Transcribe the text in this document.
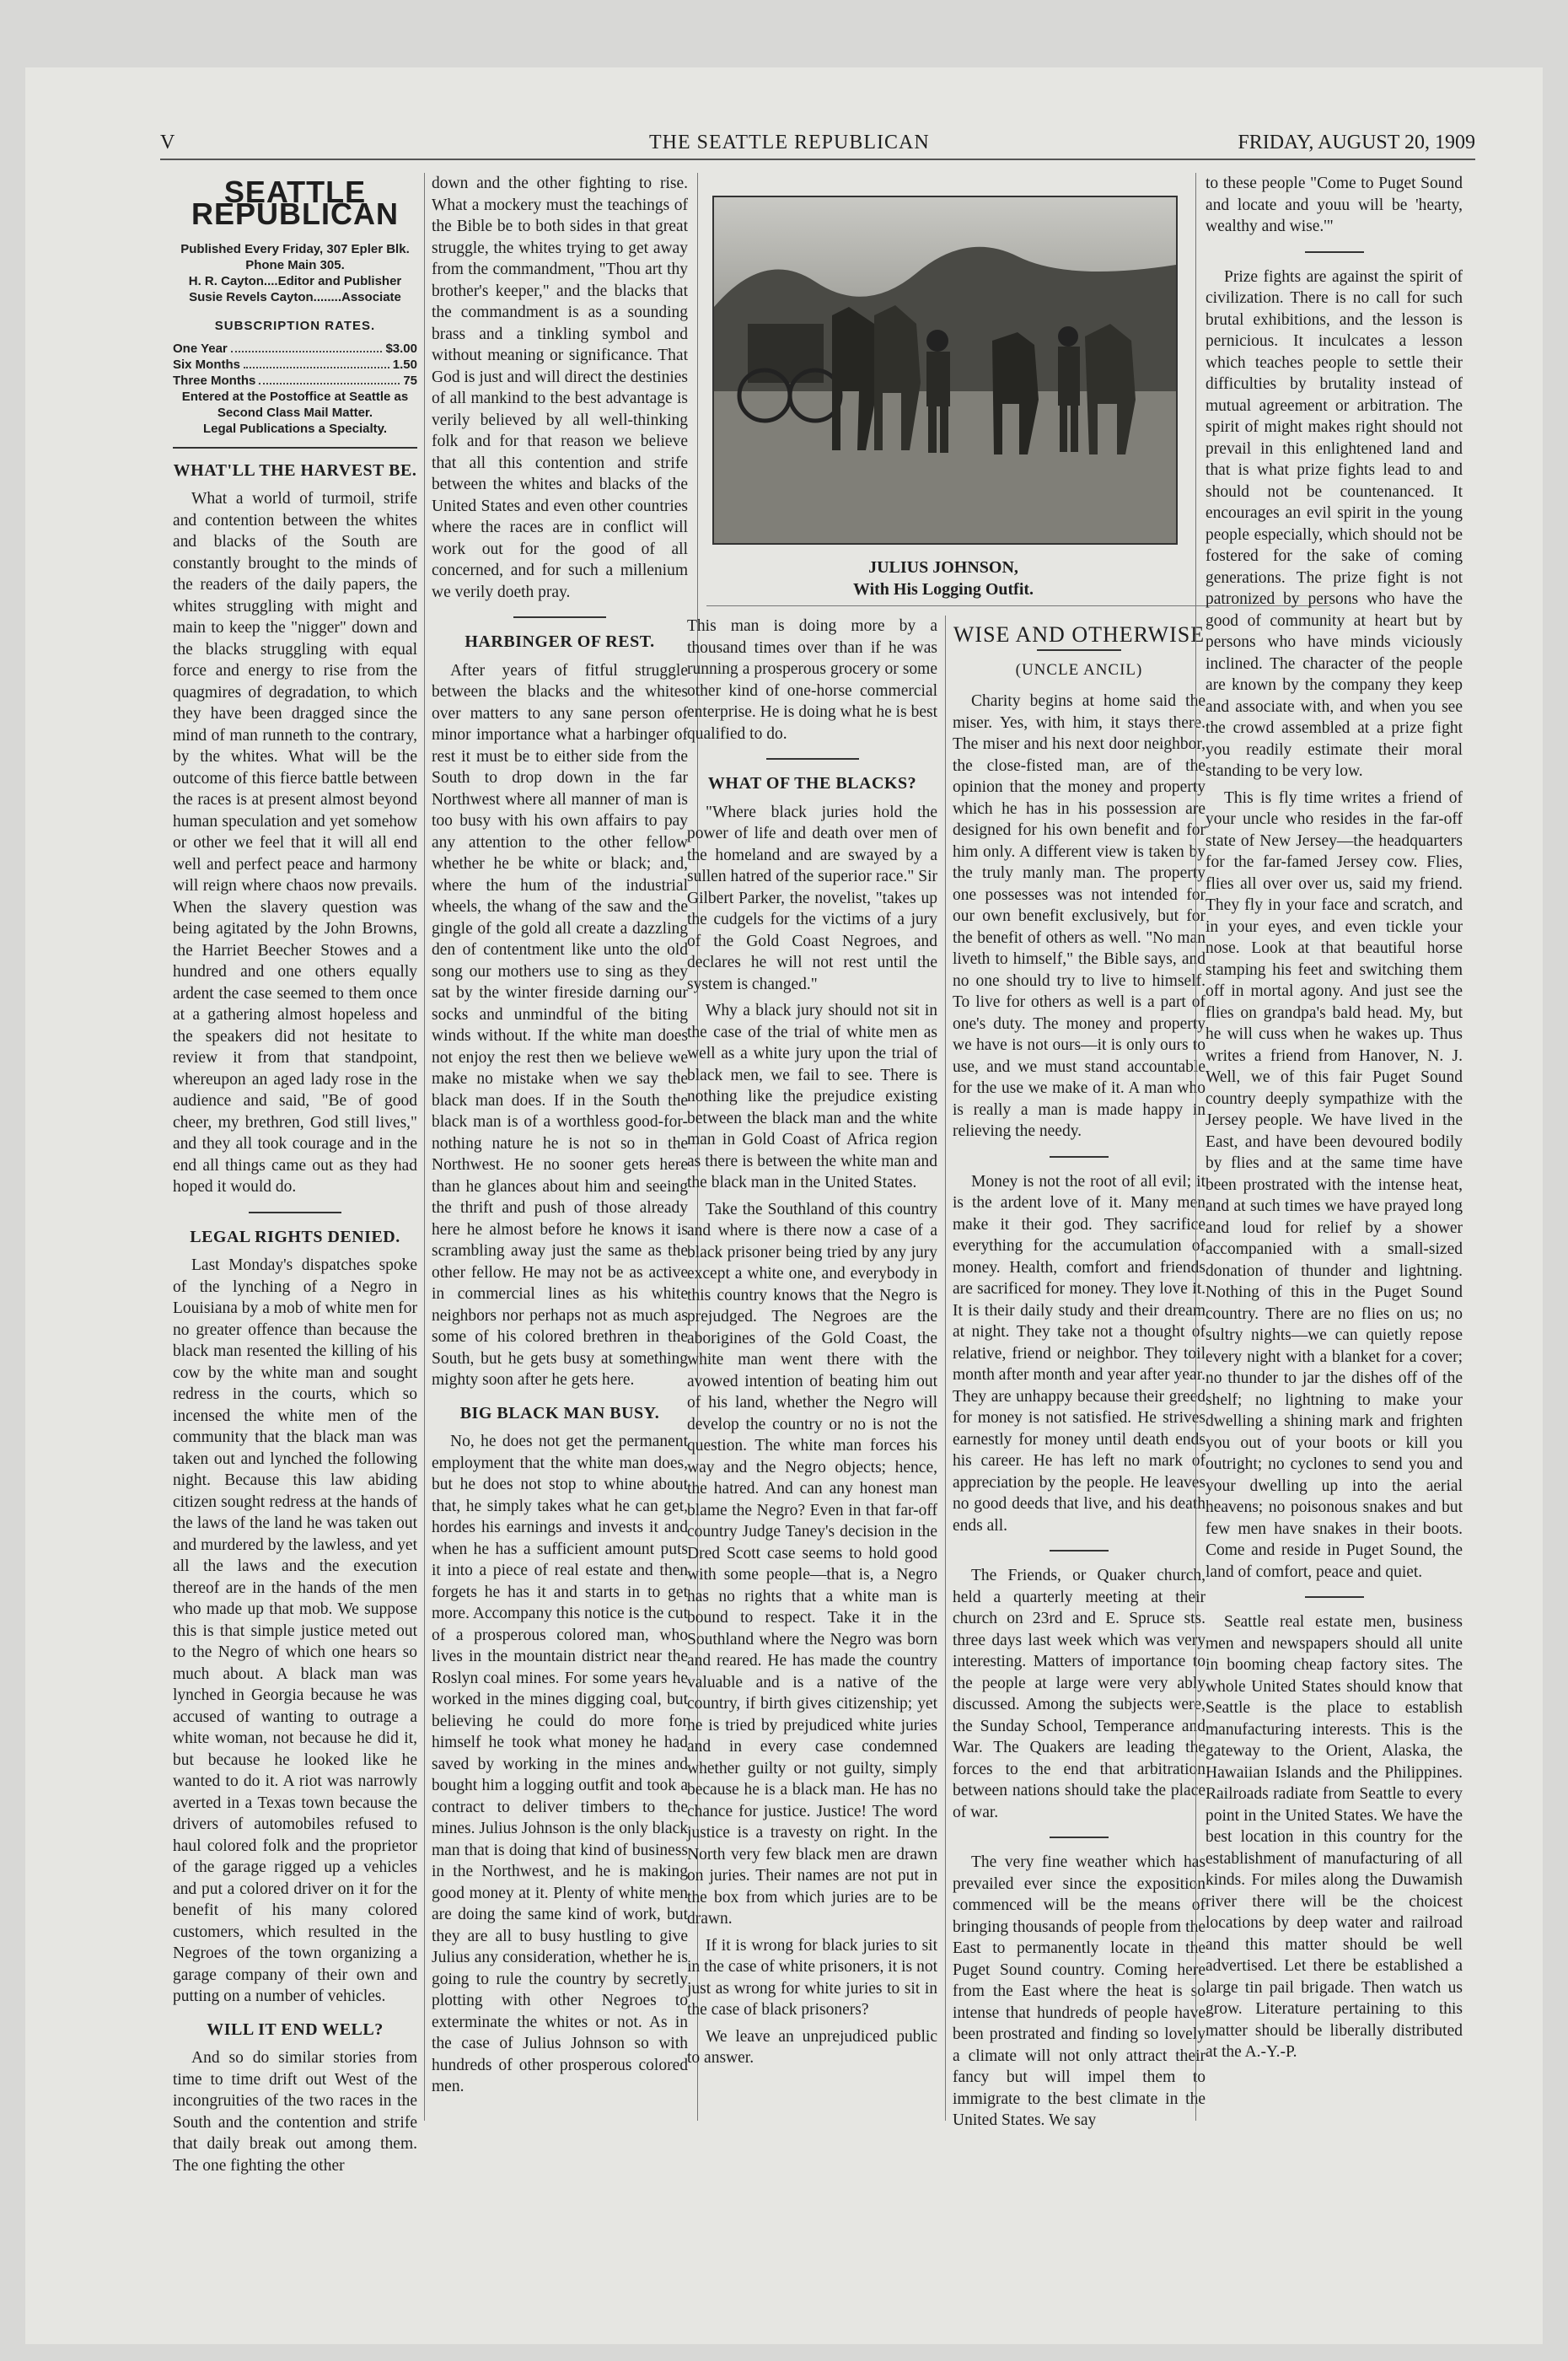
V	THE SEATTLE REPUBLICAN	FRIDAY, AUGUST 20, 1909
SEATTLE REPUBLICAN
Published Every Friday, 307 Epler Blk.
Phone Main 305.
H. R. Cayton....Editor and Publisher
Susie Revels Cayton........Associate
SUBSCRIPTION RATES.
One Year	$3.00
Six Months	1.50
Three Months	75
Entered at the Postoffice at Seattle as
Second Class Mail Matter.
Legal Publications a Specialty.
WHAT'LL THE HARVEST BE.

What a world of turmoil, strife and contention between the whites and blacks of the South are constantly brought to the minds of the readers of the daily papers, the whites struggling with might and main to keep the "nigger" down and the blacks struggling with equal force and energy to rise from the quagmires of degradation, to which they have been dragged since the mind of man runneth to the contrary, by the whites. What will be the outcome of this fierce battle between the races is at present almost beyond human speculation and yet somehow or other we feel that it will all end well and perfect peace and harmony will reign where chaos now prevails. When the slavery question was being agitated by the John Browns, the Harriet Beecher Stowes and a hundred and one others equally ardent the case seemed to them once at a gathering almost hopeless and the speakers did not hesitate to review it from that standpoint, whereupon an aged lady rose in the audience and said, "Be of good cheer, my brethren, God still lives," and they all took courage and in the end all things came out as they had hoped it would do.

LEGAL RIGHTS DENIED.

Last Monday's dispatches spoke of the lynching of a Negro in Louisiana by a mob of white men for no greater offence than because the black man resented the killing of his cow by the white man and sought redress in the courts, which so incensed the white men of the community that the black man was taken out and lynched the following night. Because this law abiding citizen sought redress at the hands of the laws of the land he was taken out and murdered by the lawless, and yet all the laws and the execution thereof are in the hands of the men who made up that mob. We suppose this is that simple justice meted out to the Negro of which one hears so much about. A black man was lynched in Georgia because he was accused of wanting to outrage a white woman, not because he did it, but because he looked like he wanted to do it. A riot was narrowly averted in a Texas town because the drivers of automobiles refused to haul colored folk and the proprietor of the garage rigged up a vehicles and put a colored driver on it for the benefit of his many colored customers, which resulted in the Negroes of the town organizing a garage company of their own and putting on a number of vehicles.

WILL IT END WELL?

And so do similar stories from time to time drift out West of the incongruities of the two races in the South and the contention and strife that daily break out among them. The one fighting the other

down and the other fighting to rise. What a mockery must the teachings of the Bible be to both sides in that great struggle, the whites trying to get away from the commandment, "Thou art thy brother's keeper," and the blacks that the commandment is as a sounding brass and a tinkling symbol and without meaning or significance. That God is just and will direct the destinies of all mankind to the best advantage is verily believed by all well-thinking folk and for that reason we believe that all this contention and strife between the whites and blacks of the United States and even other countries where the races are in conflict will work out for the good of all concerned, and for such a millenium we verily doeth pray.

HARBINGER OF REST.

After years of fitful struggle between the blacks and the whites over matters to any sane person of minor importance what a harbinger of rest it must be to either side from the South to drop down in the far Northwest where all manner of man is too busy with his own affairs to pay any attention to the other fellow whether he be white or black; and, where the hum of the industrial wheels, the whang of the saw and the gingle of the gold all create a dazzling den of contentment like unto the old song our mothers use to sing as they sat by the winter fireside darning our socks and unmindful of the biting winds without. If the white man does not enjoy the rest then we believe we make no mistake when we say the black man does. If in the South the black man is of a worthless good-for-nothing nature he is not so in the Northwest. He no sooner gets here than he glances about him and seeing the thrift and push of those already here he almost before he knows it is scrambling away just the same as the other fellow. He may not be as active in commercial lines as his white neighbors nor perhaps not as much as some of his colored brethren in the South, but he gets busy at something mighty soon after he gets here.

BIG BLACK MAN BUSY.

No, he does not get the permanent employment that the white man does, but he does not stop to whine about that, he simply takes what he can get, hordes his earnings and invests it and when he has a sufficient amount puts it into a piece of real estate and then forgets he has it and starts in to get more. Accompany this notice is the cut of a prosperous colored man, who lives in the mountain district near the Roslyn coal mines. For some years he worked in the mines digging coal, but believing he could do more for himself he took what money he had saved by working in the mines and bought him a logging outfit and took a contract to deliver timbers to the mines. Julius Johnson is the only black man that is doing that kind of business in the Northwest, and he is making good money at it. Plenty of white men are doing the same kind of work, but they are all to busy hustling to give Julius any consideration, whether he is going to rule the country by secretly plotting with other Negroes to exterminate the whites or not. As in the case of Julius Johnson so with hundreds of other prosperous colored men.

JULIUS JOHNSON,
With His Logging Outfit.

This man is doing more by a thousand times over than if he was running a prosperous grocery or some other kind of one-horse commercial enterprise. He is doing what he is best qualified to do.

WHAT OF THE BLACKS?

"Where black juries hold the power of life and death over men of the homeland and are swayed by a sullen hatred of the superior race." Sir Gilbert Parker, the novelist, "takes up the cudgels for the victims of a jury of the Gold Coast Negroes, and declares he will not rest until the system is changed."

Why a black jury should not sit in the case of the trial of white men as well as a white jury upon the trial of black men, we fail to see. There is nothing like the prejudice existing between the black man and the white man in Gold Coast of Africa region as there is between the white man and the black man in the United States.

Take the Southland of this country and where is there now a case of a black prisoner being tried by any jury except a white one, and everybody in this country knows that the Negro is prejudged. The Negroes are the aborigines of the Gold Coast, the white man went there with the avowed intention of beating him out of his land, whether the Negro will develop the country or no is not the question. The white man forces his way and the Negro objects; hence, the hatred. And can any honest man blame the Negro? Even in that far-off country Judge Taney's decision in the Dred Scott case seems to hold good with some people—that is, a Negro has no rights that a white man is bound to respect. Take it in the Southland where the Negro was born and reared. He has made the country valuable and is a native of the country, if birth gives citizenship; yet he is tried by prejudiced white juries and in every case condemned whether guilty or not guilty, simply because he is a black man. He has no chance for justice. Justice! The word justice is a travesty on right. In the North very few black men are drawn on juries. Their names are not put in the box from which juries are to be drawn.

If it is wrong for black juries to sit in the case of white prisoners, it is not just as wrong for white juries to sit in the case of black prisoners?

We leave an unprejudiced public to answer.

WISE AND OTHERWISE
(UNCLE ANCIL)

Charity begins at home said the miser. Yes, with him, it stays there. The miser and his next door neighbor, the close-fisted man, are of the opinion that the money and property which he has in his possession are designed for his own benefit and for him only. A different view is taken by the truly manly man. The property one possesses was not intended for our own benefit exclusively, but for the benefit of others as well. "No man liveth to himself," the Bible says, and no one should try to live to himself. To live for others as well is a part of one's duty. The money and property we have is not ours—it is only ours to use, and we must stand accountable for the use we make of it. A man who is really a man is made happy in relieving the needy.

Money is not the root of all evil; it is the ardent love of it. Many men make it their god. They sacrifice everything for the accumulation of money. Health, comfort and friends are sacrificed for money. They love it. It is their daily study and their dream at night. They take not a thought of relative, friend or neighbor. They toil month after month and year after year. They are unhappy because their greed for money is not satisfied. He strives earnestly for money until death ends his career. He has left no mark of appreciation by the people. He leaves no good deeds that live, and his death ends all.

The Friends, or Quaker church, held a quarterly meeting at their church on 23rd and E. Spruce sts. three days last week which was very interesting. Matters of importance to the people at large were very ably discussed. Among the subjects were, the Sunday School, Temperance and War. The Quakers are leading the forces to the end that arbitration between nations should take the place of war.

The very fine weather which has prevailed ever since the exposition commenced will be the means of bringing thousands of people from the East to permanently locate in the Puget Sound country. Coming here from the East where the heat is so intense that hundreds of people have been prostrated and finding so lovely a climate will not only attract their fancy but will impel them to immigrate to the best climate in the United States. We say

to these people "Come to Puget Sound and locate and youu will be 'hearty, wealthy and wise.'"

Prize fights are against the spirit of civilization. There is no call for such brutal exhibitions, and the lesson is pernicious. It inculcates a lesson which teaches people to settle their difficulties by brutality instead of mutual agreement or arbitration. The spirit of might makes right should not prevail in this enlightened land and that is what prize fights lead to and should not be countenanced. It encourages an evil spirit in the young people especially, which should not be fostered for the sake of coming generations. The prize fight is not patronized by persons who have the good of community at heart but by persons who have minds viciously inclined. The character of the people are known by the company they keep and associate with, and when you see the crowd assembled at a prize fight you readily estimate their moral standing to be very low.

This is fly time writes a friend of your uncle who resides in the far-off state of New Jersey—the headquarters for the far-famed Jersey cow. Flies, flies all over over us, said my friend. They fly in your face and scratch, and in your eyes, and even tickle your nose. Look at that beautiful horse stamping his feet and switching them off in mortal agony. And just see the flies on grandpa's bald head. My, but he will cuss when he wakes up. Thus writes a friend from Hanover, N. J. Well, we of this fair Puget Sound country deeply sympathize with the Jersey people. We have lived in the East, and have been devoured bodily by flies and at the same time have been prostrated with the intense heat, and at such times we have prayed long and loud for relief by a shower accompanied with a small-sized donation of thunder and lightning. Nothing of this in the Puget Sound country. There are no flies on us; no sultry nights—we can quietly repose every night with a blanket for a cover; no thunder to jar the dishes off of the shelf; no lightning to make your dwelling a shining mark and frighten you out of your boots or kill you outright; no cyclones to send you and your dwelling up into the aerial heavens; no poisonous snakes and but few men have snakes in their boots. Come and reside in Puget Sound, the land of comfort, peace and quiet.

Seattle real estate men, business men and newspapers should all unite in booming cheap factory sites. The whole United States should know that Seattle is the place to establish manufacturing interests. This is the gateway to the Orient, Alaska, the Hawaiian Islands and the Philippines. Railroads radiate from Seattle to every point in the United States. We have the best location in this country for the establishment of manufacturing of all kinds. For miles along the Duwamish river there will be the choicest locations by deep water and railroad and this matter should be well advertised. Let there be established a large tin pail brigade. Then watch us grow. Literature pertaining to this matter should be liberally distributed at the A.-Y.-P.
